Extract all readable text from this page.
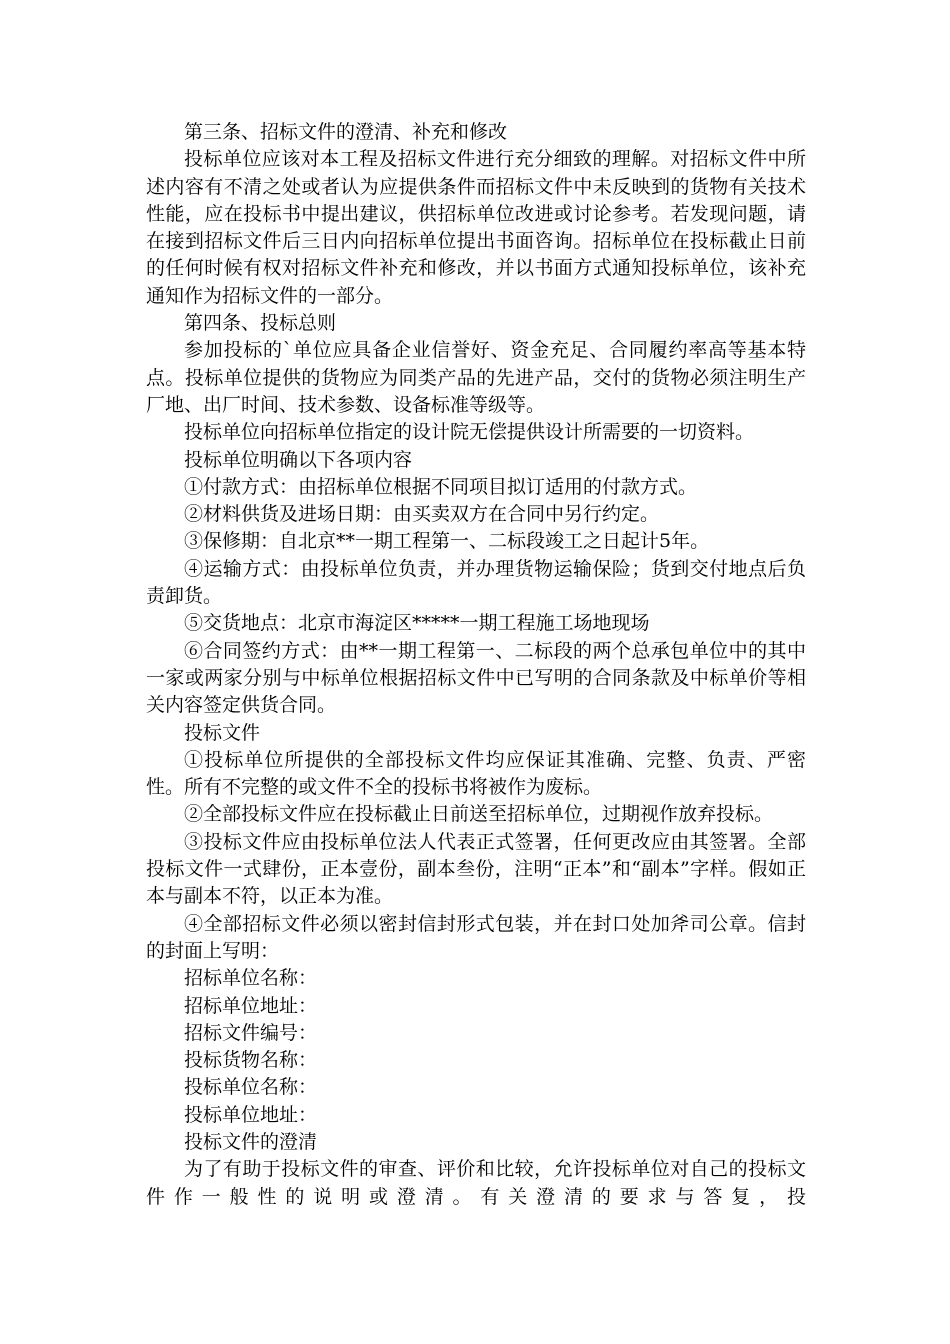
第三条、招标文件的澄清、补充和修改

投标单位应该对本工程及招标文件进行充分细致的理解。对招标文件中所述内容有不清之处或者认为应提供条件而招标文件中未反映到的货物有关技术性能，应在投标书中提出建议，供招标单位改进或讨论参考。若发现问题，请在接到招标文件后三日内向招标单位提出书面咨询。招标单位在投标截止日前的任何时候有权对招标文件补充和修改，并以书面方式通知投标单位，该补充通知作为招标文件的一部分。

第四条、投标总则

参加投标的`单位应具备企业信誉好、资金充足、合同履约率高等基本特点。投标单位提供的货物应为同类产品的先进产品，交付的货物必须注明生产厂地、出厂时间、技术参数、设备标准等级等。

投标单位向招标单位指定的设计院无偿提供设计所需要的一切资料。

投标单位明确以下各项内容

①付款方式：由招标单位根据不同项目拟订适用的付款方式。

②材料供货及进场日期：由买卖双方在合同中另行约定。

③保修期：自北京**一期工程第一、二标段竣工之日起计5年。

④运输方式：由投标单位负责，并办理货物运输保险；货到交付地点后负责卸货。

⑤交货地点：北京市海淀区*****一期工程施工场地现场

⑥合同签约方式：由**一期工程第一、二标段的两个总承包单位中的其中一家或两家分别与中标单位根据招标文件中已写明的合同条款及中标单价等相关内容签定供货合同。

投标文件

①投标单位所提供的全部投标文件均应保证其准确、完整、负责、严密性。所有不完整的或文件不全的投标书将被作为废标。

②全部投标文件应在投标截止日前送至招标单位，过期视作放弃投标。

③投标文件应由投标单位法人代表正式签署，任何更改应由其签署。全部投标文件一式肆份，正本壹份，副本叁份，注明“正本”和“副本”字样。假如正本与副本不符，以正本为准。

④全部招标文件必须以密封信封形式包装，并在封口处加斧司公章。信封的封面上写明：

招标单位名称：

招标单位地址：

招标文件编号：

投标货物名称：

投标单位名称：

投标单位地址：

投标文件的澄清

为了有助于投标文件的审查、评价和比较，允许投标单位对自己的投标文件作一般性的说明或澄清。有关澄清的要求与答复，投
